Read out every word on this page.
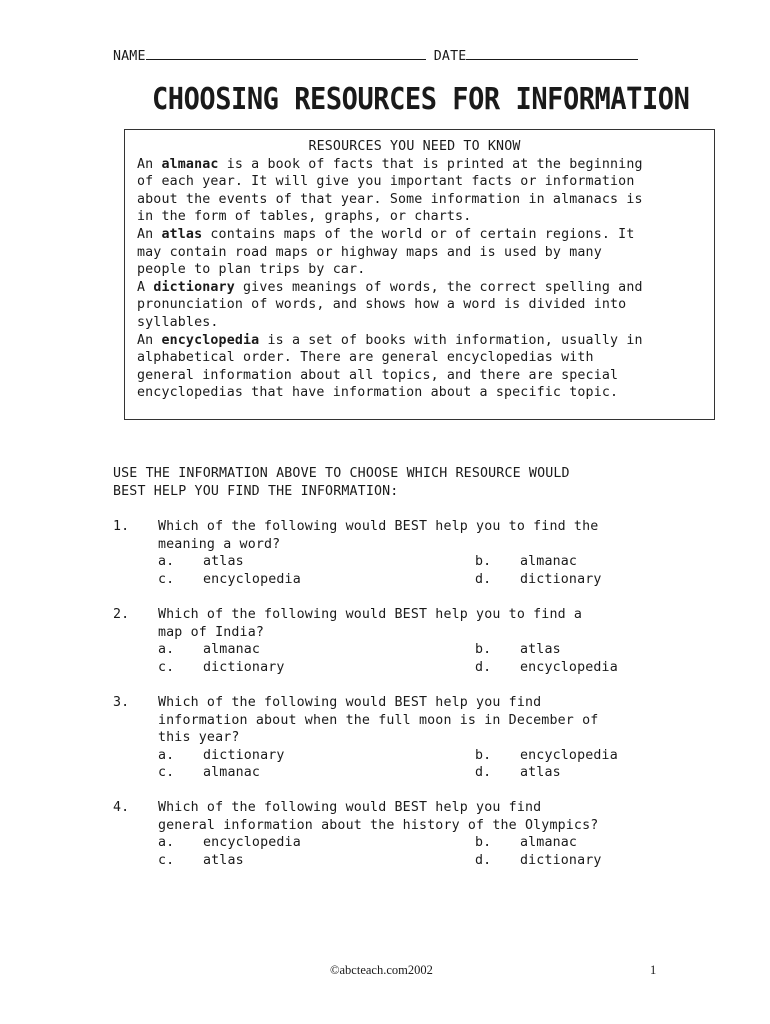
NAME	DATE
CHOOSING RESOURCES FOR INFORMATION
RESOURCES YOU NEED TO KNOW

An almanac is a book of facts that is printed at the beginning

of each year. It will give you important facts or information

about the events of that year. Some information in almanacs is

in the form of tables, graphs, or charts.

An atlas contains maps of the world or of certain regions. It

may contain road maps or highway maps and is used by many

people to plan trips by car.

A dictionary gives meanings of words, the correct spelling and

pronunciation of words, and shows how a word is divided into

syllables.

An encyclopedia is a set of books with information, usually in

alphabetical order. There are general encyclopedias with

general information about all topics, and there are special

encyclopedias that have information about a specific topic.

USE THE INFORMATION ABOVE TO CHOOSE WHICH RESOURCE WOULD

BEST HELP YOU FIND THE INFORMATION:

1.	Which of the following would BEST help you to find the
meaning a word?
a.	atlas	b.	almanac
c.	encyclopedia	d.	dictionary
2.	Which of the following would BEST help you to find a
map of India?
a.	almanac	b.	atlas
c.	dictionary	d.	encyclopedia
3.	Which of the following would BEST help you find
information about when the full moon is in December of
this year?
a.	dictionary	b.	encyclopedia
c.	almanac	d.	atlas
4.	Which of the following would BEST help you find
general information about the history of the Olympics?
a.	encyclopedia	b.	almanac
c.	atlas	d.	dictionary
©abcteach.com2002	1
